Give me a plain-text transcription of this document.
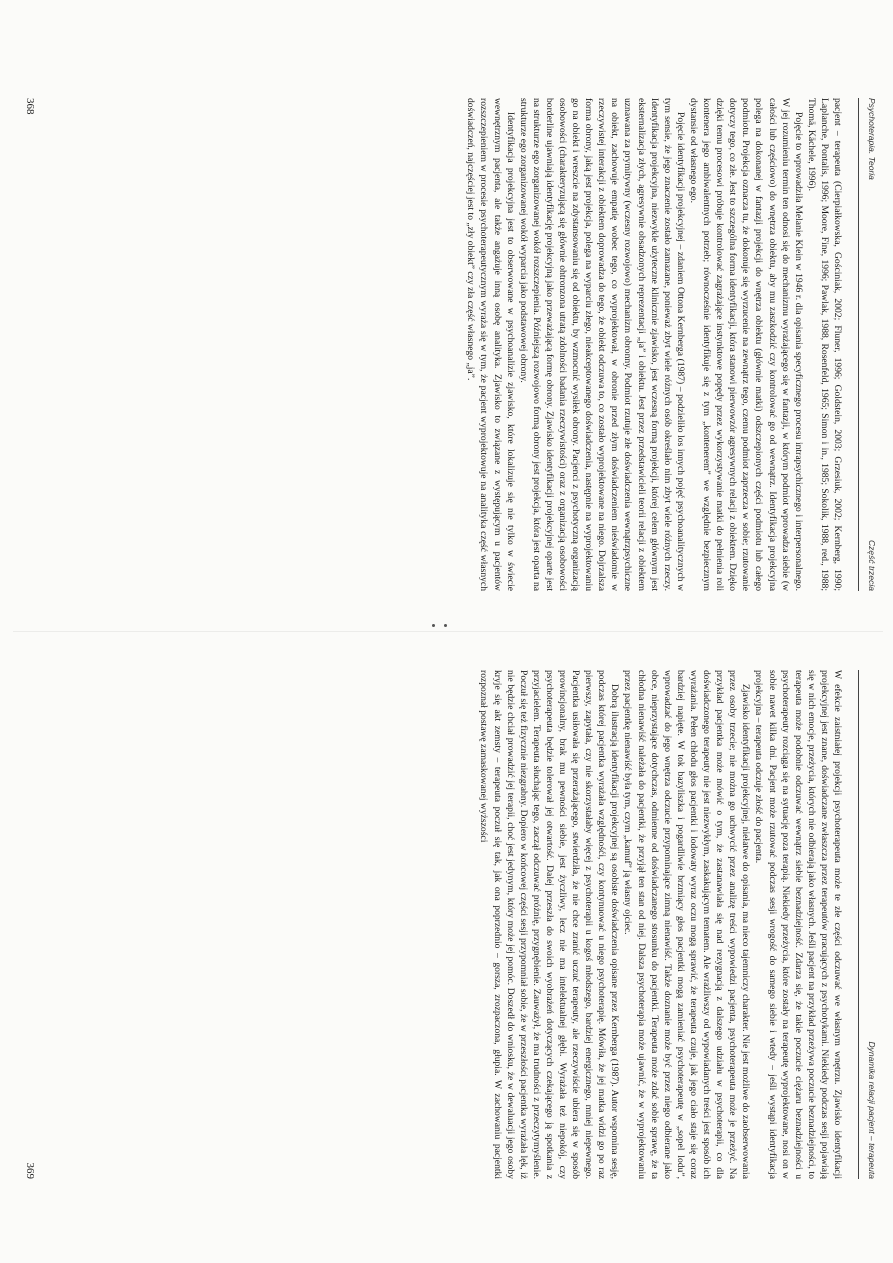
Psychoterapia. Teoria
Część trzecia

pacjent – terapeuta (Cierpiałkowska, Gościniak, 2002; Fluner, 1996; Goldstein, 2003; Grzesiuk, 2002; Kernberg, 1990; Laplanche, Pontalis, 1996; Moore, Fine, 1996; Pawlak, 1988, Rosenfeld, 1965; Simon i in., 1985; Sokolik, 1988, red., 1988; Thomä, Kächele, 1996).

Pojęcie to wprowadziła Melanie Klein w 1946 r. dla opisania specyficznego procesu intrapsychicznego i interpersonalnego. W jej rozumieniu termin ten odnosi się do mechanizmu wyrażającego się w fantazji, w którym podmiot wprowadza siebie (w całości lub częściowo) do wnętrza obiektu, aby mu zaszkodzić czy kontrolować go od wewnątrz. Identyfikacja projekcyjna polega na dokonanej w fantazji projekcji do wnętrza obiektu (głównie matki) odszczepionych części podmiotu lub całego podmiotu. Projekcja oznacza tu, że dokonuje się wyrzucenie na zewnątrz tego, czemu podmiot zaprzecza w sobie; rzutowanie dotyczy tego, co złe. Jest to szczególna forma identyfikacji, która stanowi pierwowzór agresywnych relacji z obiektem. Dzięko dzięki temu procesowi próbuje kontrolować zagrażające instynktowe popędy przez wykorzystywanie matki do pełnienia roli kontenera jego ambiwalentnych potrzeb; równocześnie identyfikuje się z tym „kontenerem” we względnie bezpiecznym dystansie od własnego ego.

Pojęcie identyfikacji projekcyjnej – zdaniem Ottona Kernberga (1987) – podzieliło los innych pojęć psychoanalitycznych w tym sensie, że jego znaczenie zostało zamazane, ponieważ zbyt wiele różnych osób określało nim zbyt wiele różnych rzeczy. Identyfikacja projekcyjna, niezwykle użyteczne klinicznie zjawisko, jest wczesną formą projekcji, której celem głównym jest eksternalizacja złych, agresywnie obsadzonych reprezentacji „ja” i obiektu. Jest przez przedstawicieli teorii relacji z obiektem uznawana za prymitywny (wczesny rozwojowo) mechanizm obronny. Podmiot rzutuje złe doświadczenia wewnątrzpsychiczne na obiekt, zachowuje empatię wobec tego, co wyprojektował, w obronie przed złym doświadczeniem nieświadomie w rzeczywistej interakcji z obiektem doprowadza do tego, że obiekt odczuwa to, co zostało wyprojektowane na niego. Dojrzalsza forma obrony, jaką jest projekcja, polega na wyparciu złego, nieakceptowanego doświadczenia, następnie na wyprojektowaniu go na obiekt i wreszcie na zdystansowaniu się od obiektu, by wzmocnić wysiłek obrony. Pacjenci z psychotyczną organizacją osobowości (charakteryzującą się głównie ohtronzona utratą zdolności badania rzeczywistości) oraz z organizacją osobowości borderline ujawniają identyfikację projekcyjną jako przeważającą formę obrony. Zjawisko identyfikacji projekcyjnej oparte jest na strukturze ego zorganizowanej wokół rozszczepienia. Późniejszą rozwojowo formą obrony jest projekcja, która jest oparta na strukturze ego zorganizowanej wokół wyparcia jako podstawowej obrony.

Identyfikacja projekcyjna jest to obserwowane w psychoanalizie zjawisko, które lokalizuje się nie tylko w świecie wewnętrznym pacjenta, ale także angażuje inną osobę analityka. Zjawisko to związane z występującym u pacjentów rozszczepieniem w procesie psychoterapeutycznym wyraża się w tym, że pacjent wyprojektowuje na analityka część własnych doświadczeń, najczęściej jest to „zły obiekt” czy zła część własnego „ja”.

368
Dynamika relacji pacjent – terapeuta

W efekcie zaistniałej projekcji psychoterapeuta może te złe części odczuwać we własnym wnętrzu. Zjawisko identyfikacji projekcyjnej jest znane, doświadczane zwłaszcza przez terapeutów pracujących z psychotykami. Niekiedy podczas sesji pojawiają się w nich emocje, przeżycia, których nie odbierają jako własnych. Jeśli pacjent na przykład przeżywa poczucie beznadziejności, to terapeuta może podobnie odczuwać wewnątrz siebie beznadziejność. Zdarza się, że takie poczucie ciężaru beznadziejności u psychoterapeuty rozciąga się na sytuację poza terapią. Niekiedy przeżycia, które zostały na terapeutę wyprojektowane, nosi on w sobie nawet kilka dni. Pacjent może rzutować podczas sesji wrogość do samego siebie i wtedy – jeśli wystąpi identyfikacja projekcyjna – terapeuta odczuje złość do pacjenta.

Zjawisko identyfikacji projekcyjnej, niełatwe do opisania, ma nieco tajemniczy charakter. Nie jest możliwe do zaobserwowania przez osoby trzecie; nie można go uchwycić przez analizę treści wypowiedzi pacjenta, psychoterapeuta może je przeżyć. Na przykład pacjentka może mówić o tym, że zastanawiała się nad rezygnacją z dalszego udziału w psychoterapii, co dla doświadczonego terapeuty nie jest niezwykłym, zaskakującym tematem. Ale wrażliwszy od wypowiadanych treści jest sposób ich wyrażania. Pełen chłodu głos pacjentki i lodowaty wyraz oczu mogą sprawić, że terapeuta czuje, jak jego ciało staje się coraz bardziej napięte. W tok bazyliszka i pogardliwie brzmiący głos pacjentki mogą zamieniać psychoterapeutę w „sopel lodu”, wprowadzać do jego wnętrza odczucie przypominające zimną nienawiść. Także doznanie może być przez niego odbierane jako obce, nieprzystające dotychczas, odmienne od doświadczanego stosunku do pacjentki. Terapeuta może zdać sobie sprawę, że ta chłodna nienawiść należała do pacjentki, że przyjął ten stan od niej. Dalsza psychoterapia może ujawnić, że w wyprojektowaniu przez pacjentkę nienawiść była tym, czym „kamuf” ją własny ojciec.

Dobrą ilustracją identyfikacji projekcyjnej są osobiste doświadczenia opisane przez Kernberga (1987). Autor wspomina sesję, podczas której pacjentka wyrażała względnośći, czy kontynuować u niego psychoterapię. Mówiła, że jej matka widzi go po raz pierwszy, zapytała, czy nie skorzystałaby więcej z psychoterapii u kogoś młodszego, bardziej energicznego, mniej niepewnego. Pacjentka usiłowała się przerażającego, stwierdziła, że nie chce zranić uczuć terapeuty, ale rzeczywiście ubiera się w sposób prowincjonalny, brak mu pewności siebie, jest życzliwy, lecz nie ma intelektualnej głębi. Wyrażała też niepokój, czy psychoterapeuta będzie tolerował jej otwartość. Dalej przeszła do swoich wyobrażeń dotyczących czekającego ją spotkania z przyjacielem. Terapeuta słuchając tego, zaczął odczuwać próżnię, przygnębienie. Zauważył, że ma trudności z przeczytymyślenie. Poczuł się też fizycznie niezgrabny. Dopiero w końcowej części sesji przypomniał sobie, że w przeszłości pacjentka wyrażała lęk, iż nie będzie chciał prowadzić jej terapii, choć jest jedynym, który może jej pomóc. Doszedł do wniosku, że w dewaluacji jego osoby kryje się akt zemsty – terapeuta poczuł się tak, jak ona poprzednio – gorsza, zrozpaczona, głupia. W zachowaniu pacjentki rozpoznał postawę zamaskowanej wyższości

369
